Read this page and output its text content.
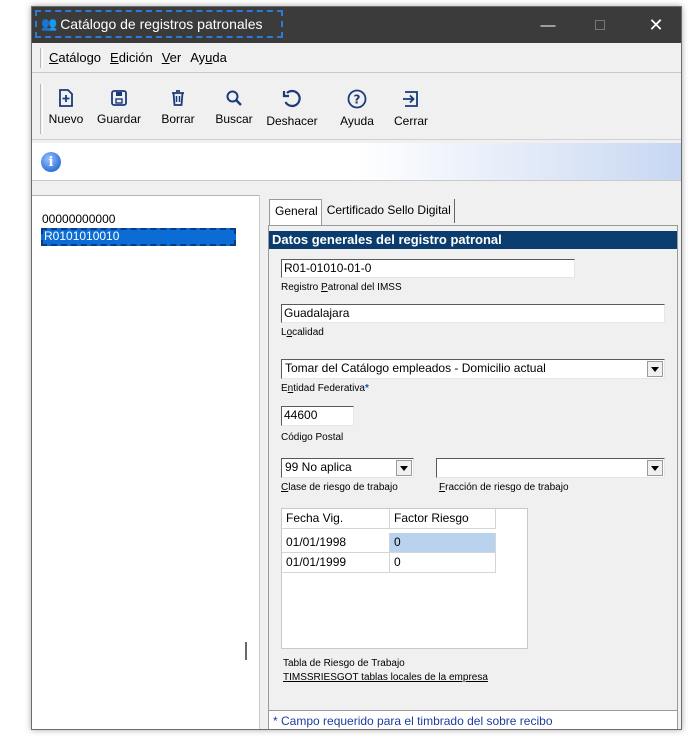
👥 Catálogo de registros patronales	—	✕
Catálogo Edición Ver Ayuda
Nuevo	Guardar	Borrar	Buscar	Deshacer
?
Ayuda	Cerrar
i
00000000000
R0101010010
General Certificado Sello Digital
Datos generales del registro patronal
R01-01010-01-0
Registro Patronal del IMSS
Guadalajara
Localidad
Tomar del Catálogo empleados - Domicilio actual
Entidad Federativa*
44600
Código Postal
99 No aplica
Clase de riesgo de trabajo	Fracción de riesgo de trabajo
Fecha Vig.	Factor Riesgo
01/01/1998	0
01/01/1999	0
Tabla de Riesgo de Trabajo
TIMSSRIESGOT tablas locales de la empresa
* Campo requerido para el timbrado del sobre recibo
